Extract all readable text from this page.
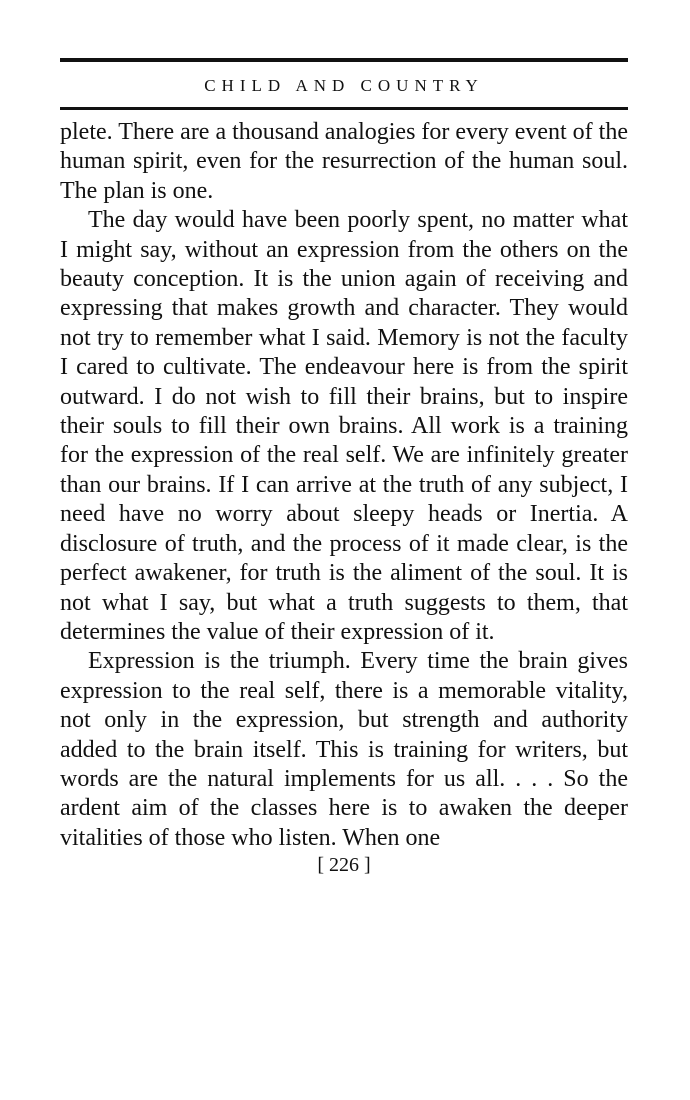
CHILD AND COUNTRY

plete. There are a thousand analogies for every event of the human spirit, even for the resurrection of the human soul. The plan is one.

The day would have been poorly spent, no matter what I might say, without an expression from the others on the beauty conception. It is the union again of receiving and expressing that makes growth and character. They would not try to remember what I said. Memory is not the faculty I cared to cultivate. The endeavour here is from the spirit outward. I do not wish to fill their brains, but to inspire their souls to fill their own brains. All work is a training for the expression of the real self. We are infinitely greater than our brains. If I can arrive at the truth of any subject, I need have no worry about sleepy heads or Inertia. A disclosure of truth, and the process of it made clear, is the perfect awakener, for truth is the aliment of the soul. It is not what I say, but what a truth suggests to them, that determines the value of their expression of it.

Expression is the triumph. Every time the brain gives expression to the real self, there is a memorable vitality, not only in the expression, but strength and authority added to the brain itself. This is training for writers, but words are the natural implements for us all. . . . So the ardent aim of the classes here is to awaken the deeper vitalities of those who listen. When one

[ 226 ]
